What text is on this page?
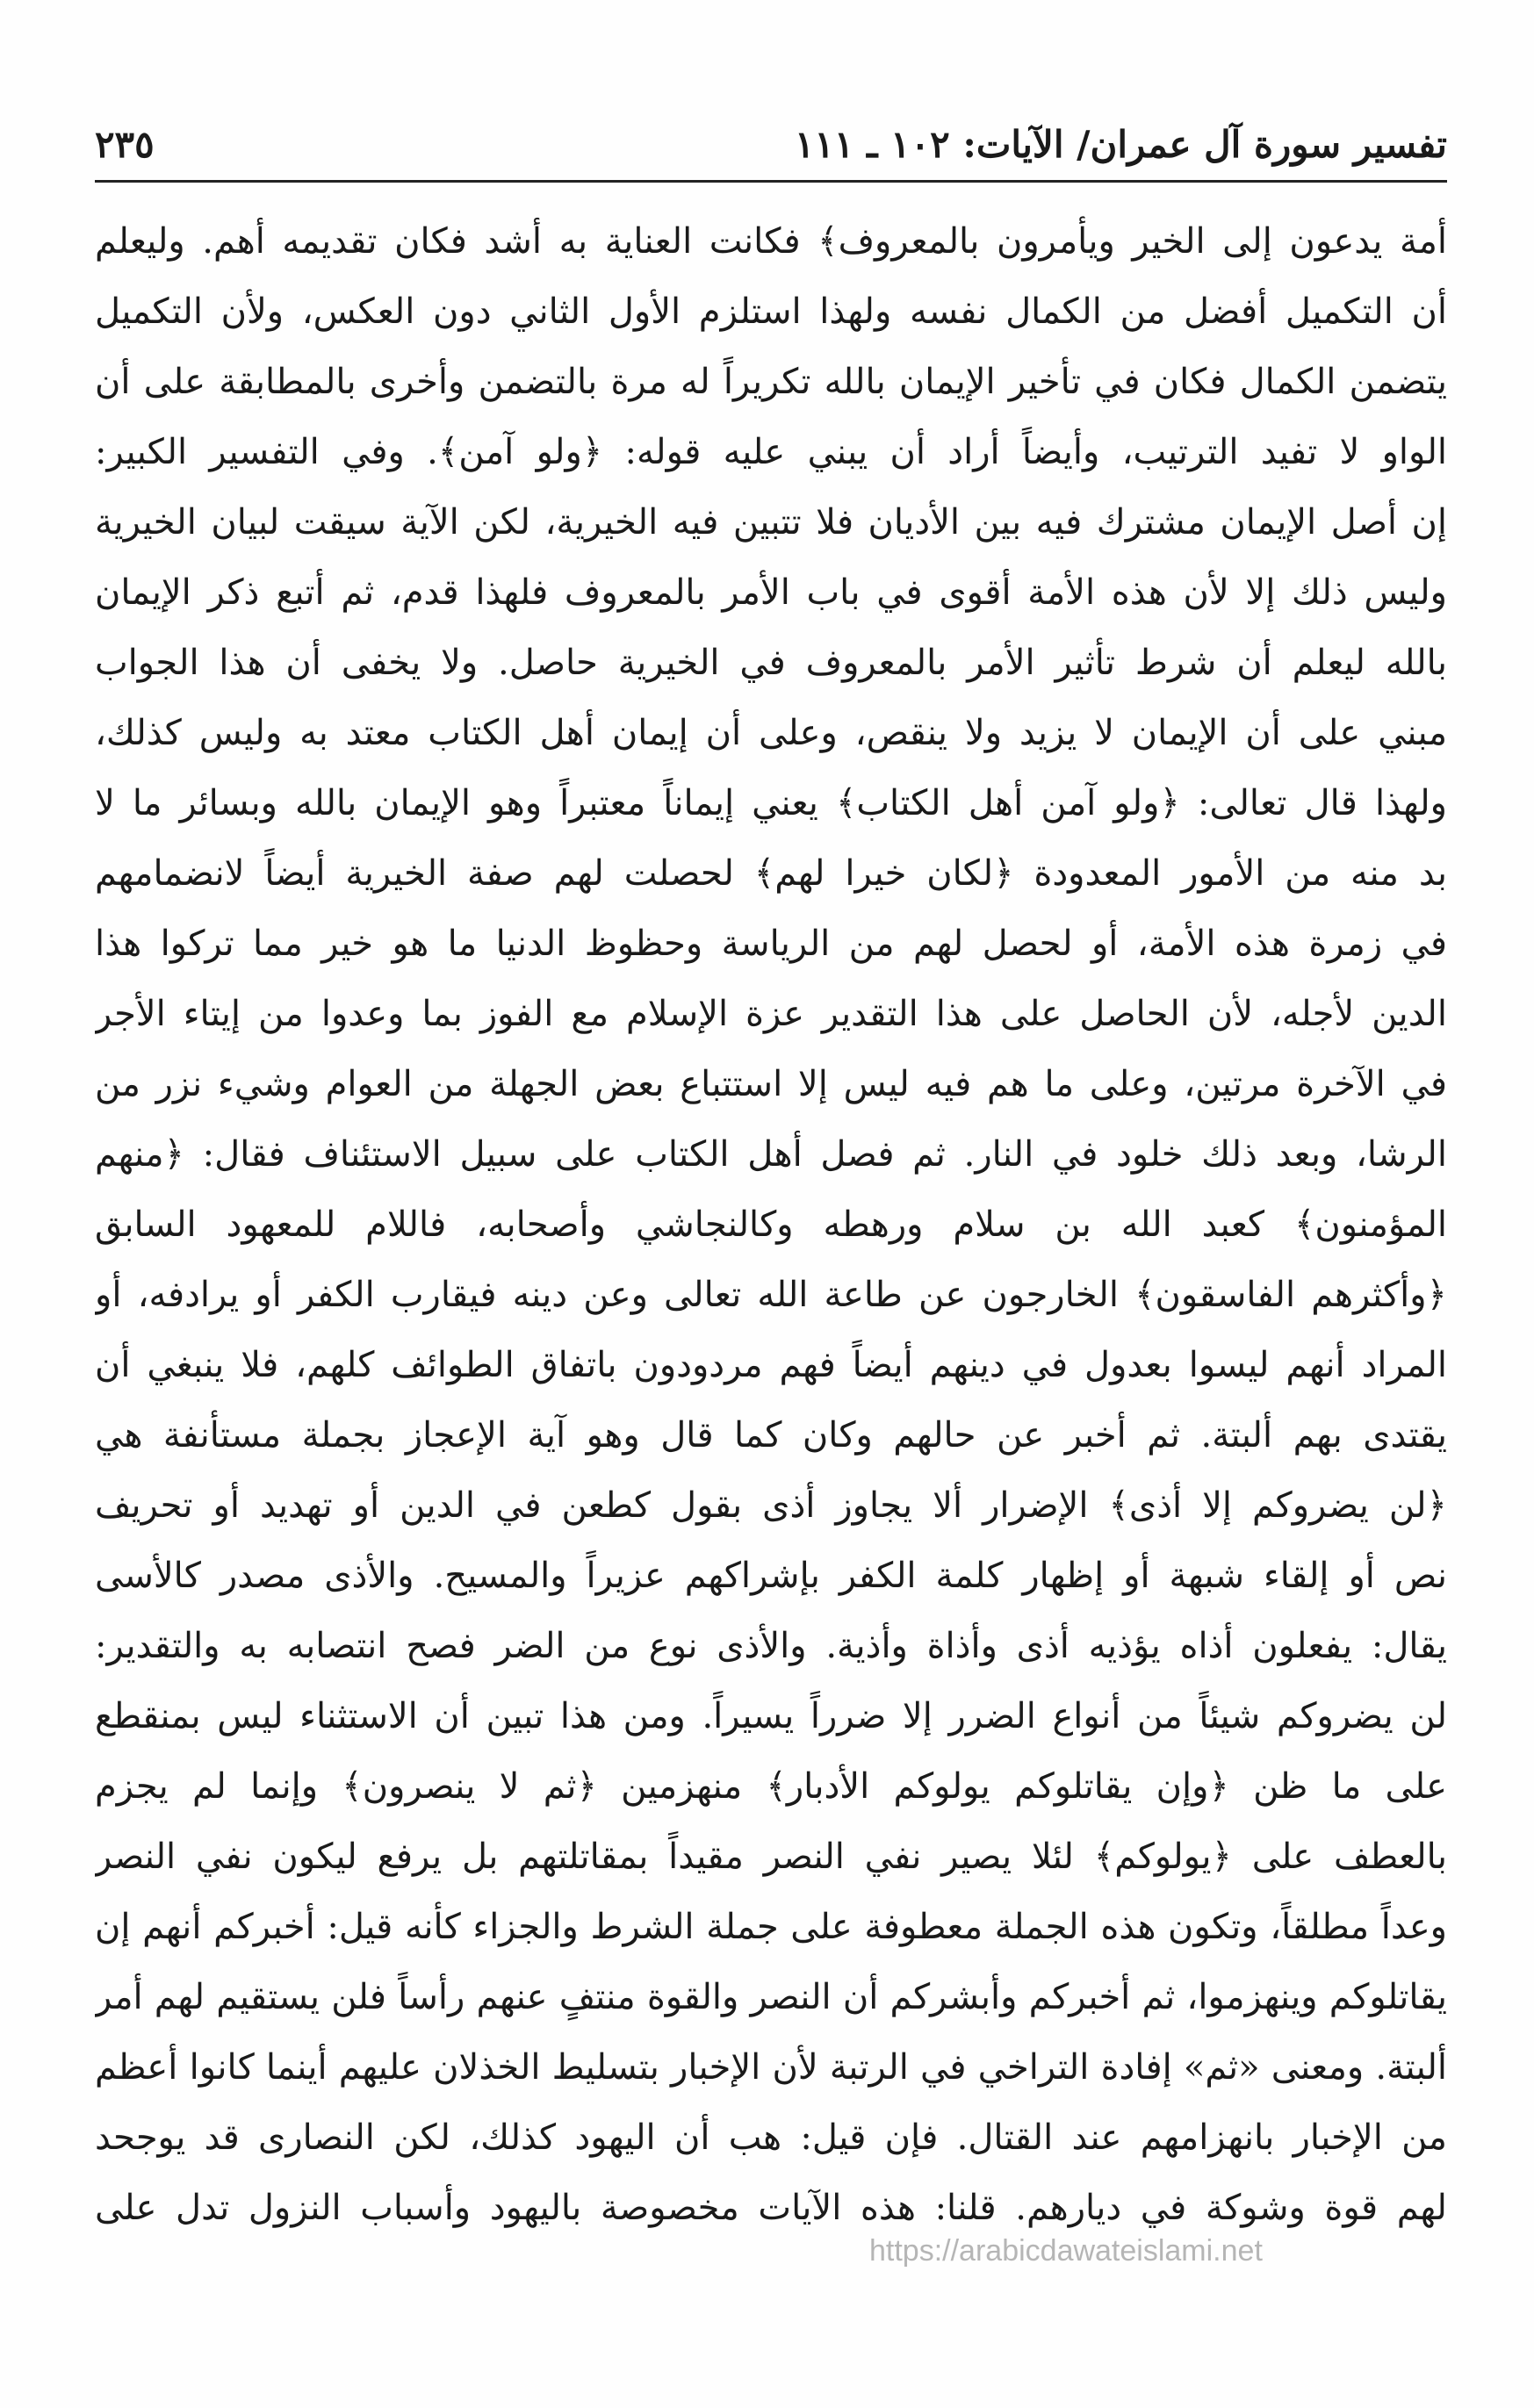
تفسير سورة آل عمران/ الآيات: ١٠٢ ـ ١١١
٢٣٥
أمة يدعون إلى الخير ويأمرون بالمعروف﴾ فكانت العناية به أشد فكان تقديمه أهم. وليعلم
أن التكميل أفضل من الكمال نفسه ولهذا استلزم الأول الثاني دون العكس، ولأن التكميل
يتضمن الكمال فكان في تأخير الإيمان بالله تكريراً له مرة بالتضمن وأخرى بالمطابقة على أن
الواو لا تفيد الترتيب، وأيضاً أراد أن يبني عليه قوله: ﴿ولو آمن﴾. وفي التفسير الكبير:
إن أصل الإيمان مشترك فيه بين الأديان فلا تتبين فيه الخيرية، لكن الآية سيقت لبيان الخيرية
وليس ذلك إلا لأن هذه الأمة أقوى في باب الأمر بالمعروف فلهذا قدم، ثم أتبع ذكر الإيمان
بالله ليعلم أن شرط تأثير الأمر بالمعروف في الخيرية حاصل. ولا يخفى أن هذا الجواب
مبني على أن الإيمان لا يزيد ولا ينقص، وعلى أن إيمان أهل الكتاب معتد به وليس كذلك،
ولهذا قال تعالى: ﴿ولو آمن أهل الكتاب﴾ يعني إيماناً معتبراً وهو الإيمان بالله وبسائر ما لا
بد منه من الأمور المعدودة ﴿لكان خيرا لهم﴾ لحصلت لهم صفة الخيرية أيضاً لانضمامهم
في زمرة هذه الأمة، أو لحصل لهم من الرياسة وحظوظ الدنيا ما هو خير مما تركوا هذا
الدين لأجله، لأن الحاصل على هذا التقدير عزة الإسلام مع الفوز بما وعدوا من إيتاء الأجر
في الآخرة مرتين، وعلى ما هم فيه ليس إلا استتباع بعض الجهلة من العوام وشيء نزر من
الرشا، وبعد ذلك خلود في النار. ثم فصل أهل الكتاب على سبيل الاستئناف فقال: ﴿منهم
المؤمنون﴾ كعبد الله بن سلام ورهطه وكالنجاشي وأصحابه، فاللام للمعهود السابق
﴿وأكثرهم الفاسقون﴾ الخارجون عن طاعة الله تعالى وعن دينه فيقارب الكفر أو يرادفه، أو
المراد أنهم ليسوا بعدول في دينهم أيضاً فهم مردودون باتفاق الطوائف كلهم، فلا ينبغي أن
يقتدى بهم ألبتة. ثم أخبر عن حالهم وكان كما قال وهو آية الإعجاز بجملة مستأنفة هي
﴿لن يضروكم إلا أذى﴾ الإضرار ألا يجاوز أذى بقول كطعن في الدين أو تهديد أو تحريف
نص أو إلقاء شبهة أو إظهار كلمة الكفر بإشراكهم عزيراً والمسيح. والأذى مصدر كالأسى
يقال: يفعلون أذاه يؤذيه أذى وأذاة وأذية. والأذى نوع من الضر فصح انتصابه به والتقدير:
لن يضروكم شيئاً من أنواع الضرر إلا ضرراً يسيراً. ومن هذا تبين أن الاستثناء ليس بمنقطع
على ما ظن ﴿وإن يقاتلوكم يولوكم الأدبار﴾ منهزمين ﴿ثم لا ينصرون﴾ وإنما لم يجزم
بالعطف على ﴿يولوكم﴾ لئلا يصير نفي النصر مقيداً بمقاتلتهم بل يرفع ليكون نفي النصر
وعداً مطلقاً، وتكون هذه الجملة معطوفة على جملة الشرط والجزاء كأنه قيل: أخبركم أنهم إن
يقاتلوكم وينهزموا، ثم أخبركم وأبشركم أن النصر والقوة منتفٍ عنهم رأساً فلن يستقيم لهم أمر
ألبتة. ومعنى «ثم» إفادة التراخي في الرتبة لأن الإخبار بتسليط الخذلان عليهم أينما كانوا أعظم
من الإخبار بانهزامهم عند القتال. فإن قيل: هب أن اليهود كذلك، لكن النصارى قد يوجحد
لهم قوة وشوكة في ديارهم. قلنا: هذه الآيات مخصوصة باليهود وأسباب النزول تدل على
https://arabicdawateislami.net
